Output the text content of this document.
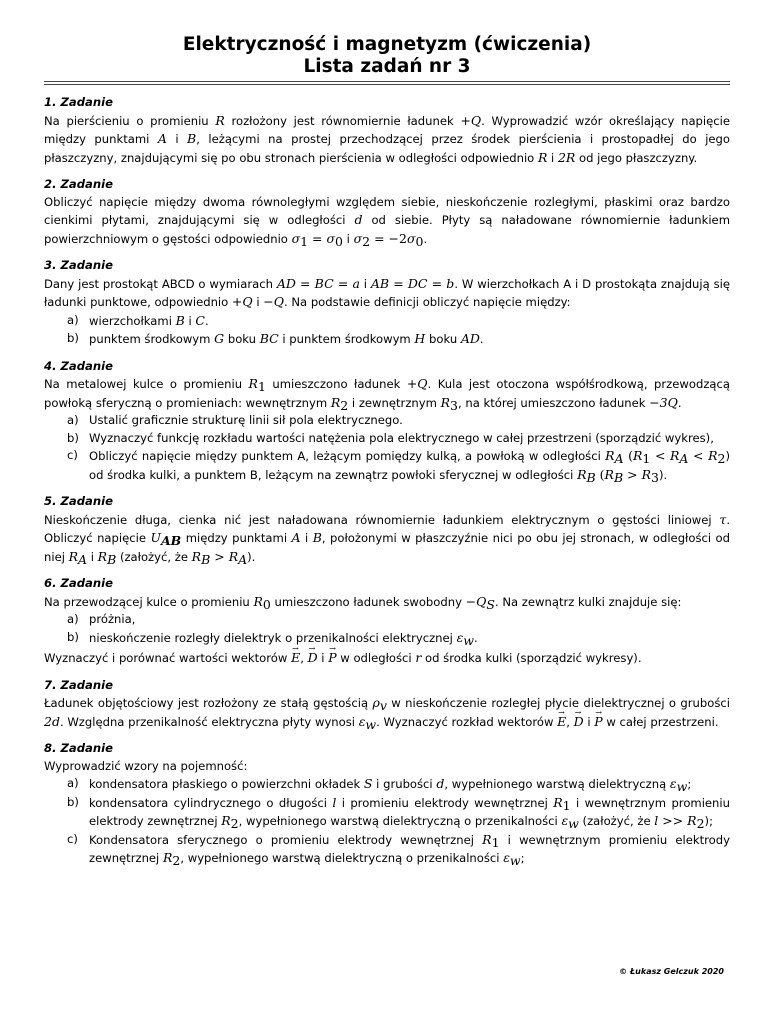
Elektryczność i magnetyzm (ćwiczenia)
Lista zadań nr 3
1. Zadanie
Na pierścieniu o promieniu R rozłożony jest równomiernie ładunek +Q. Wyprowadzić wzór określający napięcie między punktami A i B, leżącymi na prostej przechodzącej przez środek pierścienia i prostopadłej do jego płaszczyzny, znajdującymi się po obu stronach pierścienia w odległości odpowiednio R i 2R od jego płaszczyzny.
2. Zadanie
Obliczyć napięcie między dwoma równoległymi względem siebie, nieskończenie rozległymi, płaskimi oraz bardzo cienkimi płytami, znajdującymi się w odległości d od siebie. Płyty są naładowane równomiernie ładunkiem powierzchniowym o gęstości odpowiednio $\sigma_1 = \sigma_0$ i $\sigma_2 = -2\sigma_0$.
3. Zadanie
Dany jest prostokąt ABCD o wymiarach AD = BC = a i AB = DC = b. W wierzchołkach A i D prostokąta znajdują się ładunki punktowe, odpowiednio +Q i −Q. Na podstawie definicji obliczyć napięcie między:
a) wierzchołkami B i C.
b) punktem środkowym G boku BC i punktem środkowym H boku AD.
4. Zadanie
Na metalowej kulce o promieniu $R_1$ umieszczono ładunek +Q. Kula jest otoczona współśrodkową, przewodzącą powłoką sferyczną o promieniach: wewnętrznym $R_2$ i zewnętrznym $R_3$, na której umieszczono ładunek −3Q.
a) Ustalić graficznie strukturę linii sił pola elektrycznego.
b) Wyznaczyć funkcję rozkładu wartości natężenia pola elektrycznego w całej przestrzeni (sporządzić wykres),
c) Obliczyć napięcie między punktem A, leżącym pomiędzy kulką, a powłoką w odległości $R_A$ $(R_1 < R_A < R_2)$ od środka kulki, a punktem B, leżącym na zewnątrz powłoki sferycznej w odległości $R_B$ $(R_B > R_3)$.
5. Zadanie
Nieskończenie długa, cienka nić jest naładowana równomiernie ładunkiem elektrycznym o gęstości liniowej τ. Obliczyć napięcie $U_{AB}$ między punktami A i B, położonymi w płaszczyźnie nici po obu jej stronach, w odległości od niej $R_A$ i $R_B$ (założyć, że $R_B > R_A$).
6. Zadanie
Na przewodzącej kulce o promieniu $R_0$ umieszczono ładunek swobodny $-Q_S$. Na zewnątrz kulki znajduje się:
a) próżnia,
b) nieskończenie rozległy dielektryk o przenikalności elektrycznej $\varepsilon_w$.
Wyznaczyć i porównać wartości wektorów → E, → D i → P w odległości r od środka kulki (sporządzić wykresy).
7. Zadanie
Ładunek objętościowy jest rozłożony ze stałą gęstością $\rho_v$ w nieskończenie rozległej płycie dielektrycznej o grubości 2d. Względna przenikalność elektryczna płyty wynosi $\varepsilon_w$. Wyznaczyć rozkład wektorów → E, → D i → P w całej przestrzeni.
8. Zadanie
Wyprowadzić wzory na pojemność:
a) kondensatora płaskiego o powierzchni okładek S i grubości d, wypełnionego warstwą dielektryczną $\varepsilon_w$;
b) kondensatora cylindrycznego o długości l i promieniu elektrody wewnętrznej $R_1$ i wewnętrznym promieniu elektrody zewnętrznej $R_2$, wypełnionego warstwą dielektryczną o przenikalności $\varepsilon_w$ (założyć, że $l >> R_2$);
c) Kondensatora sferycznego o promieniu elektrody wewnętrznej $R_1$ i wewnętrznym promieniu elektrody zewnętrznej $R_2$, wypełnionego warstwą dielektryczną o przenikalności $\varepsilon_w$;
© Łukasz Gelczuk 2020
